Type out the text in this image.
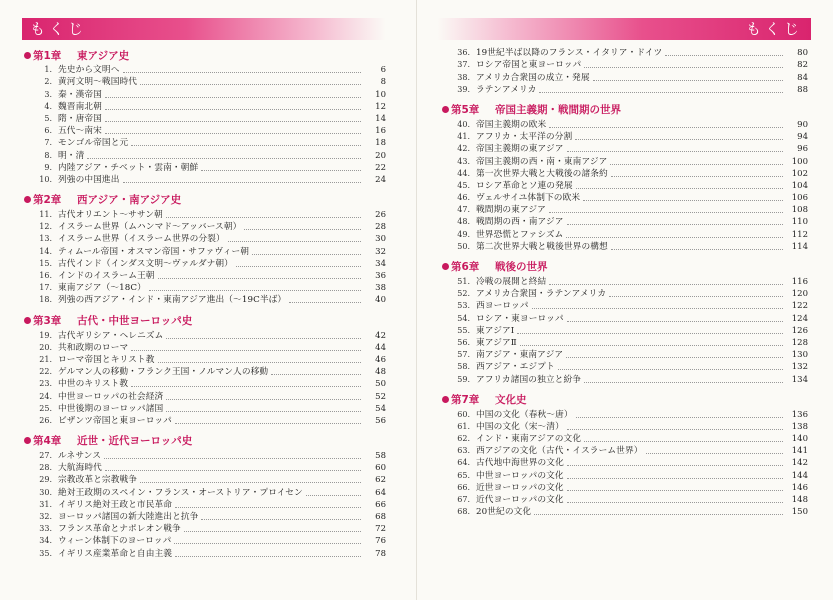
もくじ
第1章	東アジア史
1. 先史から文明へ	6
2. 黄河文明～戦国時代	8
3. 秦・漢帝国	10
4. 魏晋南北朝	12
5. 隋・唐帝国	14
6. 五代～南宋	16
7. モンゴル帝国と元	18
8. 明・清	20
9. 内陸アジア・チベット・雲南・朝鮮	22
10. 列強の中国進出	24
第2章	西アジア・南アジア史
11. 古代オリエント～ササン朝	26
12. イスラーム世界（ムハンマド～アッバース朝）	28
13. イスラーム世界（イスラーム世界の分裂）	30
14. ティムール帝国・オスマン帝国・サファヴィー朝	32
15. 古代インド（インダス文明～ヴァルダナ朝）	34
16. インドのイスラーム王朝	36
17. 東南アジア（～18C）	38
18. 列強の西アジア・インド・東南アジア進出（～19C半ば）	40
第3章	古代・中世ヨーロッパ史
19. 古代ギリシア・ヘレニズム	42
20. 共和政期のローマ	44
21. ローマ帝国とキリスト教	46
22. ゲルマン人の移動・フランク王国・ノルマン人の移動	48
23. 中世のキリスト教	50
24. 中世ヨーロッパの社会経済	52
25. 中世後期のヨーロッパ諸国	54
26. ビザンツ帝国と東ヨーロッパ	56
第4章	近世・近代ヨーロッパ史
27. ルネサンス	58
28. 大航海時代	60
29. 宗教改革と宗教戦争	62
30. 絶対王政期のスペイン・フランス・オーストリア・プロイセン	64
31. イギリス絶対王政と市民革命	66
32. ヨーロッパ諸国の新大陸進出と抗争	68
33. フランス革命とナポレオン戦争	72
34. ウィーン体制下のヨーロッパ	76
35. イギリス産業革命と自由主義	78
もくじ
36. 19世紀半ば以降のフランス・イタリア・ドイツ	80
37. ロシア帝国と東ヨーロッパ	82
38. アメリカ合衆国の成立・発展	84
39. ラテンアメリカ	88
第5章	帝国主義期・戦間期の世界
40. 帝国主義期の欧米	90
41. アフリカ・太平洋の分割	94
42. 帝国主義期の東アジア	96
43. 帝国主義期の西・南・東南アジア	100
44. 第一次世界大戦と大戦後の諸条約	102
45. ロシア革命とソ連の発展	104
46. ヴェルサイユ体制下の欧米	106
47. 戦間期の東アジア	108
48. 戦間期の西・南アジア	110
49. 世界恐慌とファシズム	112
50. 第二次世界大戦と戦後世界の構想	114
第6章	戦後の世界
51. 冷戦の展開と終結	116
52. アメリカ合衆国・ラテンアメリカ	120
53. 西ヨーロッパ	122
54. ロシア・東ヨーロッパ	124
55. 東アジアⅠ	126
56. 東アジアⅡ	128
57. 南アジア・東南アジア	130
58. 西アジア・エジプト	132
59. アフリカ諸国の独立と紛争	134
第7章	文化史
60. 中国の文化（春秋～唐）	136
61. 中国の文化（宋～清）	138
62. インド・東南アジアの文化	140
63. 西アジアの文化（古代・イスラーム世界）	141
64. 古代地中海世界の文化	142
65. 中世ヨーロッパの文化	144
66. 近世ヨーロッパの文化	146
67. 近代ヨーロッパの文化	148
68. 20世紀の文化	150
